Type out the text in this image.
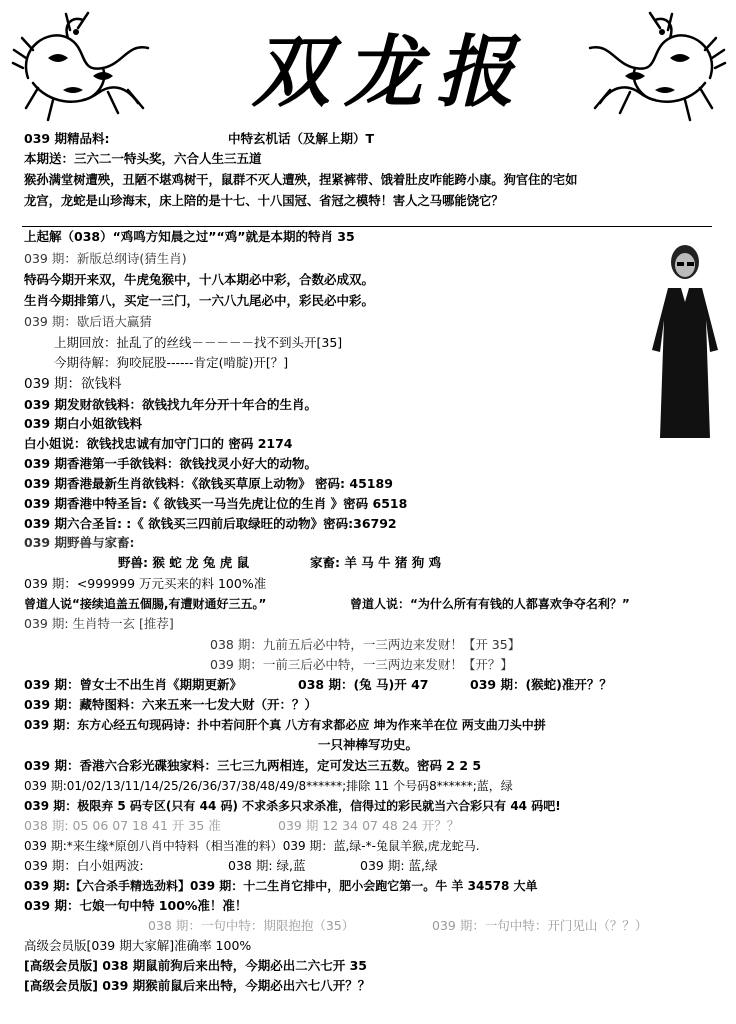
双龙报
039 期精品料:	中特玄机话（及解上期）T
本期送：三六二一特头奖，六合人生三五道
猴孙满堂树遭殃，丑陋不堪鸡树干，鼠群不灭人遭殃，捏紧裤带、饿着肚皮咋能跨小康。狗官住的宅如
龙宫，龙蛇是山珍海末，床上陪的是十七、十八国冠、省冠之模特！害人之马哪能饶它？
上起解（038）“鸡鸣方知晨之过”“鸡”就是本期的特肖 35
039 期：新版总纲诗(猜生肖)
特码今期开来双，牛虎兔猴中，十八本期必中彩，合数必成双。
生肖今期排第八，买定一三门，一六八九尾必中，彩民必中彩。
039 期：歇后语大赢猜
上期回放：扯乱了的丝线－－－－－找不到头开[35]
今期待解：狗咬屁股------肯定(啃腚)开[？]
039 期：欲钱料
039 期发财欲钱料：欲钱找九年分开十年合的生肖。
039 期白小姐欲钱料
白小姐说：欲钱找忠诚有加守门口的 密码 2174
039 期香港第一手欲钱料：欲钱找灵小好大的动物。
039 期香港最新生肖欲钱料：《欲钱买草原上动物》 密码: 45189
039 期香港中特圣旨:《 欲钱买一马当先虎让位的生肖 》密码 6518
039 期六合圣旨: :《 欲钱买三四前后取绿旺的动物》密码:36792
039 期野兽与家畜:
野兽: 猴 蛇 龙 兔 虎 鼠	家畜: 羊 马 牛 猪 狗 鸡
039 期：<999999 万元买来的料 100%准
曾道人说“接续追盖五個腸,有遭财通好三五。”	曾道人说：“为什么所有有钱的人都喜欢争夺名利？”
039 期: 生肖特一玄 [推荐]
038 期：九前五后必中特，一三两边来发财！【开 35】
039 期：一前三后必中特，一三两边来发财！【开？】
039 期：曾女士不出生肖《期期更新》	038 期：(兔 马)开 47	039 期：(猴蛇)准开？？
039 期：藏特图料：六来五来一七发大财（开：？）
039 期：东方心经五句现码诗：扑中若问肝个真 八方有求都必应 坤为作来羊在位 两支曲刀头中拼
一只神棒写功史。
039 期：香港六合彩光碟独家料：三七三九两相连，定可发达三五数。密码 2 2 5
039 期:01/02/13/11/14/25/26/36/37/38/48/49/8******;排除 11 个号码8******;蓝，绿
039 期：极限弃 5 码专区(只有 44 码) 不求杀多只求杀准，信得过的彩民就当六合彩只有 44 码吧!
038 期: 05 06 07 18 41 开 35 准	039 期 12 34 07 48 24 开？？
039 期:*来生缘*原创八肖中特料（相当准的料）039 期：蓝,绿-*-兔鼠羊猴,虎龙蛇马.
039 期：白小姐两波:	038 期: 绿,蓝	039 期: 蓝,绿
039 期:【六合杀手精选劲料】039 期：十二生肖它排中，肥小会跑它第一。牛 羊 34578 大单
039 期：七娘一句中特 100%准！准！
038 期：一句中特：期限抱抱（35）	039 期：一句中特：开门见山（？？）
高级会员版[039 期大家解]准确率 100%
[高级会员版] 038 期鼠前狗后来出特，今期必出二六七开 35
[高级会员版] 039 期猴前鼠后来出特，今期必出六七八开？？
